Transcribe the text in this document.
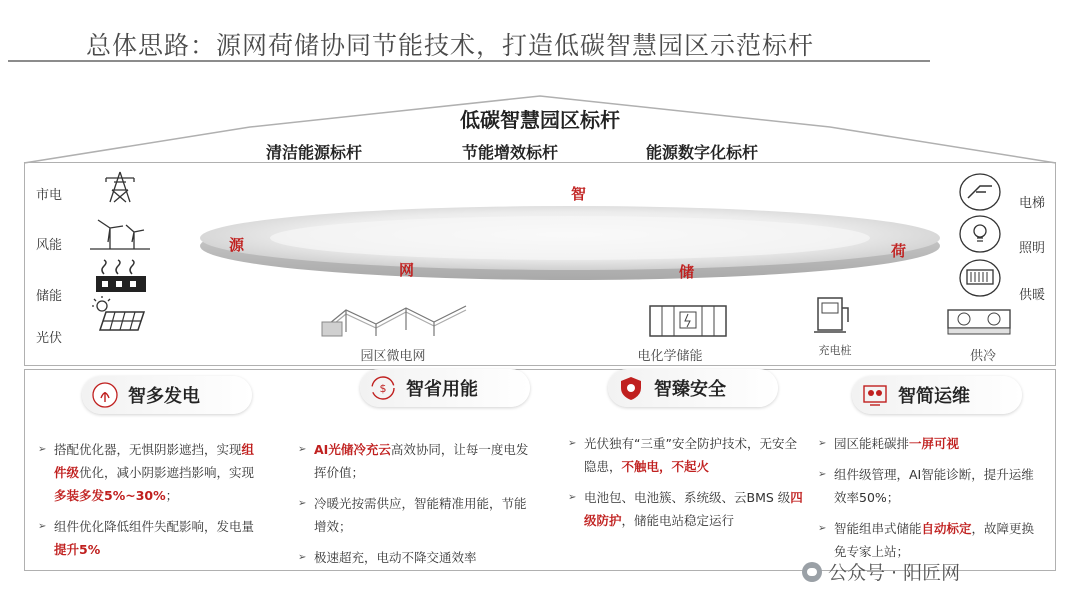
总体思路：源网荷储协同节能技术，打造低碳智慧园区示范标杆
低碳智慧园区标杆
清洁能源标杆	节能增效标杆	能源数字化标杆
智
源
网	储
荷
市电
风能
储能
光伏
电梯
照明
供暖
园区微电网	电化学储能	充电桩	供冷
智多发电	$ 智省用能	智臻安全	智简运维
➢ 搭配优化器，无惧阴影遮挡，实现组件级优化，减小阴影遮挡影响，实现多装多发5%~30%；
➢ 组件优化降低组件失配影响，发电量提升5%
➢ AI光储冷充云高效协同，让每一度电发挥价值；
➢ 冷暖光按需供应，智能精准用能，节能增效；
➢ 极速超充，电动不降交通效率
➢ 光伏独有“三重”安全防护技术，无安全隐患，不触电，不起火
➢ 电池包、电池簇、系统级、云BMS 级四级防护，储能电站稳定运行
➢ 园区能耗碳排一屏可视
➢ 组件级管理，AI智能诊断，提升运维效率50%；
➢ 智能组串式储能自动标定，故障更换免专家上站；
公众号 · 阳匠网
